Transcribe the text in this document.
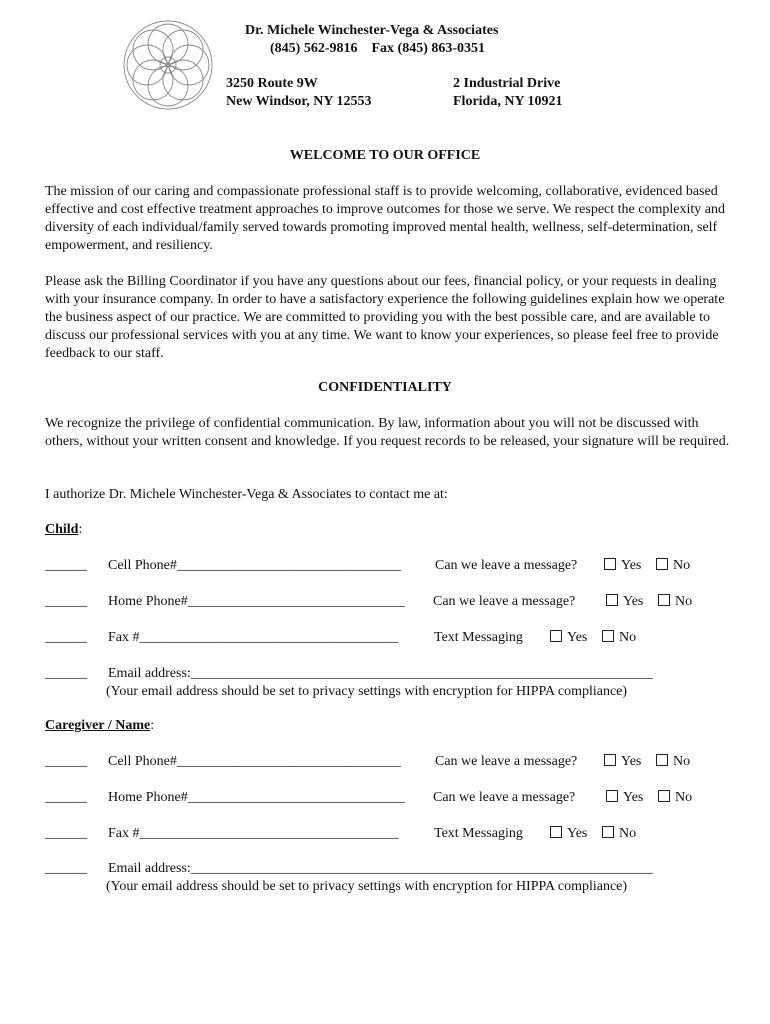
Dr. Michele Winchester-Vega & Associates
(845) 562-9816    Fax (845) 863-0351
3250 Route 9W
New Windsor, NY 12553
2 Industrial Drive
Florida, NY 10921
WELCOME TO OUR OFFICE
The mission of our caring and compassionate professional staff is to provide welcoming, collaborative, evidenced based effective and cost effective treatment approaches to improve outcomes for those we serve. We respect the complexity and diversity of each individual/family served towards promoting improved mental health, wellness, self-determination, self empowerment, and resiliency.
Please ask the Billing Coordinator if you have any questions about our fees, financial policy, or your requests in dealing with your insurance company. In order to have a satisfactory experience the following guidelines explain how we operate the business aspect of our practice. We are committed to providing you with the best possible care, and are available to discuss our professional services with you at any time. We want to know your experiences, so please feel free to provide feedback to our staff.
CONFIDENTIALITY
We recognize the privilege of confidential communication. By law, information about you will not be discussed with others, without your written consent and knowledge. If you request records to be released, your signature will be required.
I authorize Dr. Michele Winchester-Vega & Associates to contact me at:
Child:
______ Cell Phone#________________________________ Can we leave a message?	Yes	No
______ Home Phone#_______________________________ Can we leave a message?	Yes	No
______ Fax #_____________________________________	Text Messaging	Yes	No
______ Email address:__________________________________________________________________
(Your email address should be set to privacy settings with encryption for HIPPA compliance)
Caregiver / Name:
______ Cell Phone#________________________________ Can we leave a message?	Yes	No
______ Home Phone#_______________________________ Can we leave a message?	Yes	No
______ Fax #_____________________________________	Text Messaging	Yes	No
______ Email address:__________________________________________________________________
(Your email address should be set to privacy settings with encryption for HIPPA compliance)
